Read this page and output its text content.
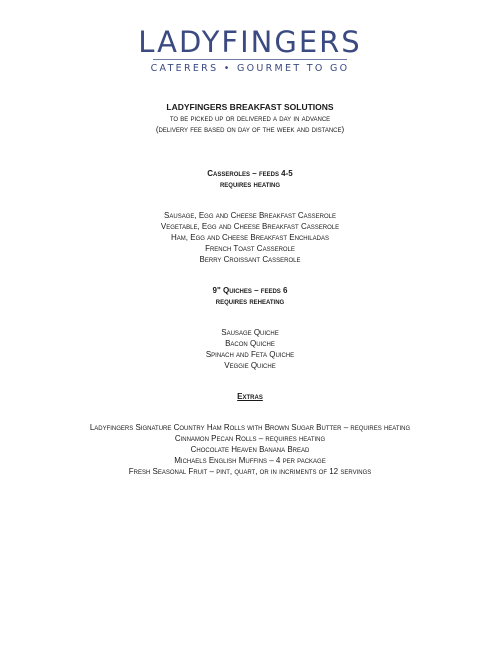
LADYFINGERS
CATERERS • GOURMET TO GO
LADYFINGERS BREAKFAST SOLUTIONS
to be picked up or delivered a day in advance
(delivery fee based on day of the week and distance)
Casseroles – feeds 4-5
requires heating
Sausage, Egg and Cheese Breakfast Casserole
Vegetable, Egg and Cheese Breakfast Casserole
Ham, Egg and Cheese Breakfast Enchiladas
French Toast Casserole
Berry Croissant Casserole
9" Quiches – feeds 6
requires reheating
Sausage Quiche
Bacon Quiche
Spinach and Feta Quiche
Veggie Quiche
Extras
Ladyfingers Signature Country Ham Rolls with Brown Sugar Butter – requires heating
Cinnamon Pecan Rolls – requires heating
Chocolate Heaven Banana Bread
Michaels English Muffins – 4 per package
Fresh Seasonal Fruit – pint, quart, or in incriments of 12 servings
